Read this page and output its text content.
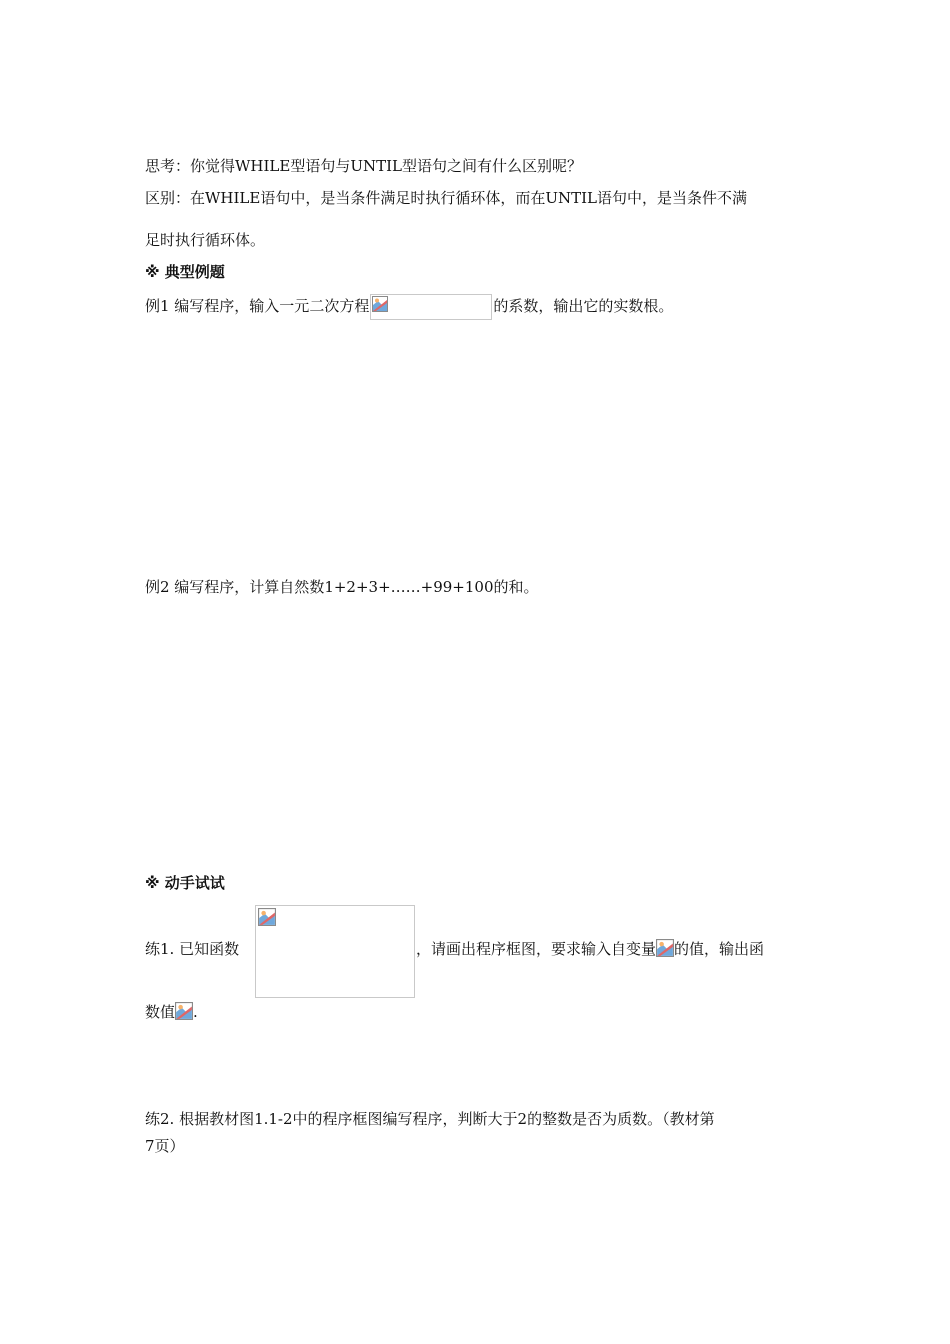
思考：你觉得WHILE型语句与UNTIL型语句之间有什么区别呢？
区别：在WHILE语句中，是当条件满足时执行循环体，而在UNTIL语句中，是当条件不满
足时执行循环体。
※ 典型例题
例1 编写程序，输入一元二次方程	的系数，输出它的实数根。
例2 编写程序，计算自然数1+2+3+……+99+100的和。
※ 动手试试
练1. 已知函数	，请画出程序框图，要求输入自变量 的值，输出函
数值 .
练2. 根据教材图1.1-2中的程序框图编写程序，判断大于2的整数是否为质数。（教材第
7页）
